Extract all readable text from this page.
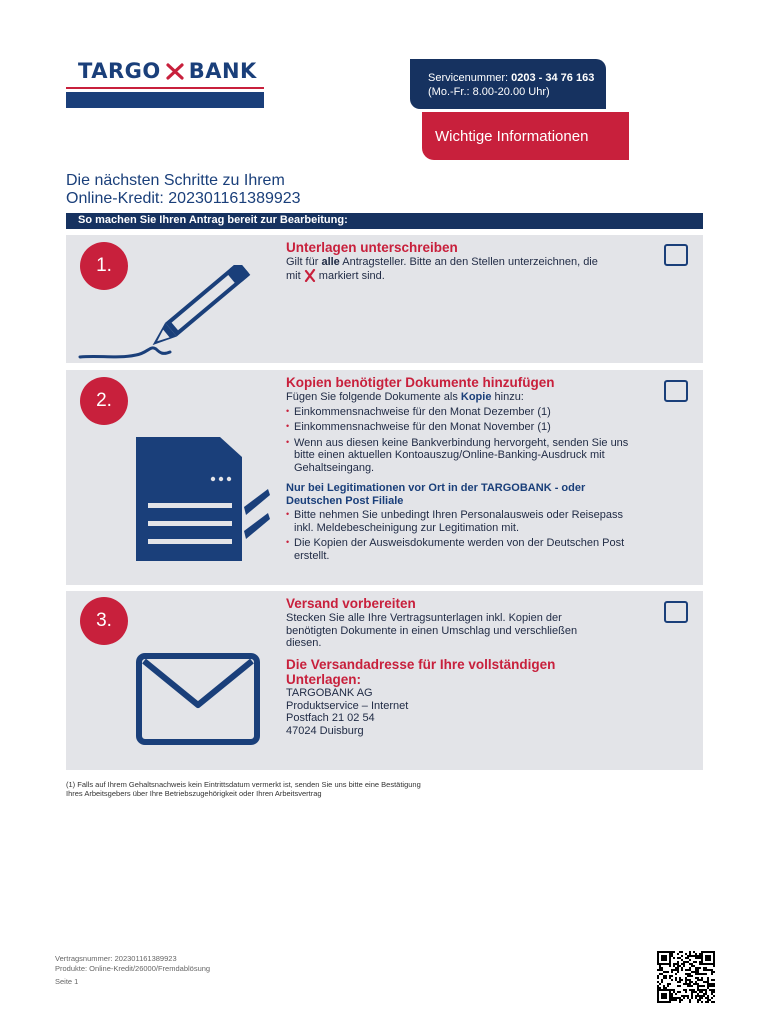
TARGO BANK	Servicenummer: 0203 - 34 76 163
(Mo.-Fr.: 8.00-20.00 Uhr)
Wichtige Informationen
Die nächsten Schritte zu Ihrem
Online-Kredit: 202301161389923
So machen Sie Ihren Antrag bereit zur Bearbeitung:
1.
Unterlagen unterschreiben
Gilt für alle Antragsteller. Bitte an den Stellen unterzeichnen, die
mit  markiert sind.
2.
Kopien benötigter Dokumente hinzufügen
Fügen Sie folgende Dokumente als Kopie hinzu:
• Einkommensnachweise für den Monat Dezember (1)
• Einkommensnachweise für den Monat November (1)
• Wenn aus diesen keine Bankverbindung hervorgeht, senden Sie uns bitte einen aktuellen Kontoauszug/Online-Banking-Ausdruck mit Gehaltseingang.
Nur bei Legitimationen vor Ort in der TARGOBANK - oder Deutschen Post Filiale
• Bitte nehmen Sie unbedingt Ihren Personalausweis oder Reisepass inkl. Meldebescheinigung zur Legitimation mit.
• Die Kopien der Ausweisdokumente werden von der Deutschen Post erstellt.
3.
Versand vorbereiten
Stecken Sie alle Ihre Vertragsunterlagen inkl. Kopien der benötigten Dokumente in einen Umschlag und verschließen diesen.
Die Versandadresse für Ihre vollständigen Unterlagen:
TARGOBANK AG
Produktservice – Internet
Postfach 21 02 54
47024 Duisburg
(1) Falls auf Ihrem Gehaltsnachweis kein Eintrittsdatum vermerkt ist, senden Sie uns bitte eine Bestätigung
Ihres Arbeitsgebers über Ihre Betriebszugehörigkeit oder Ihren Arbeitsvertrag
Vertragsnummer: 202301161389923
Produkte: Online-Kredit/26000/Fremdablösung
Seite 1
